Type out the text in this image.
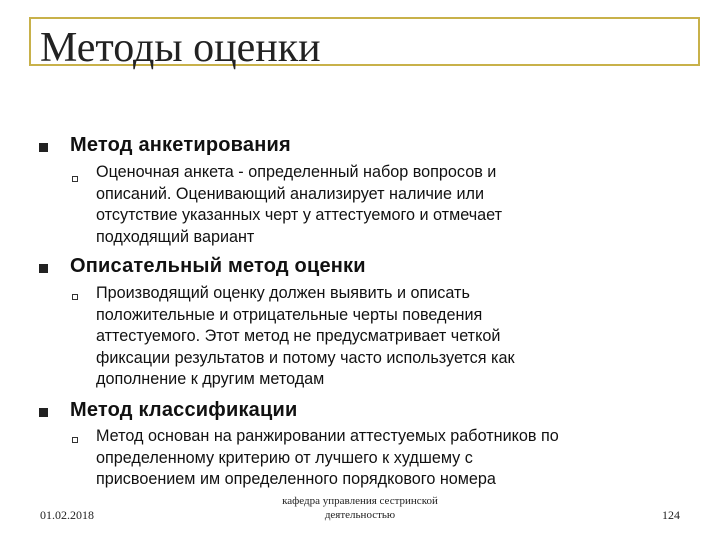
Методы оценки
Метод анкетирования
Оценочная анкета - определенный набор вопросов и
описаний. Оценивающий анализирует наличие или
отсутствие указанных черт у аттестуемого и отмечает
подходящий вариант
Описательный метод оценки
Производящий оценку должен выявить и описать
положительные и отрицательные черты поведения
аттестуемого. Этот метод не предусматривает четкой
фиксации результатов и потому часто используется как
дополнение к другим методам
Метод классификации
Метод основан на ранжировании аттестуемых работников по
определенному критерию от лучшего к худшему с
присвоением им определенного порядкового номера
01.02.2018
кафедра управления сестринской
деятельностью	124
